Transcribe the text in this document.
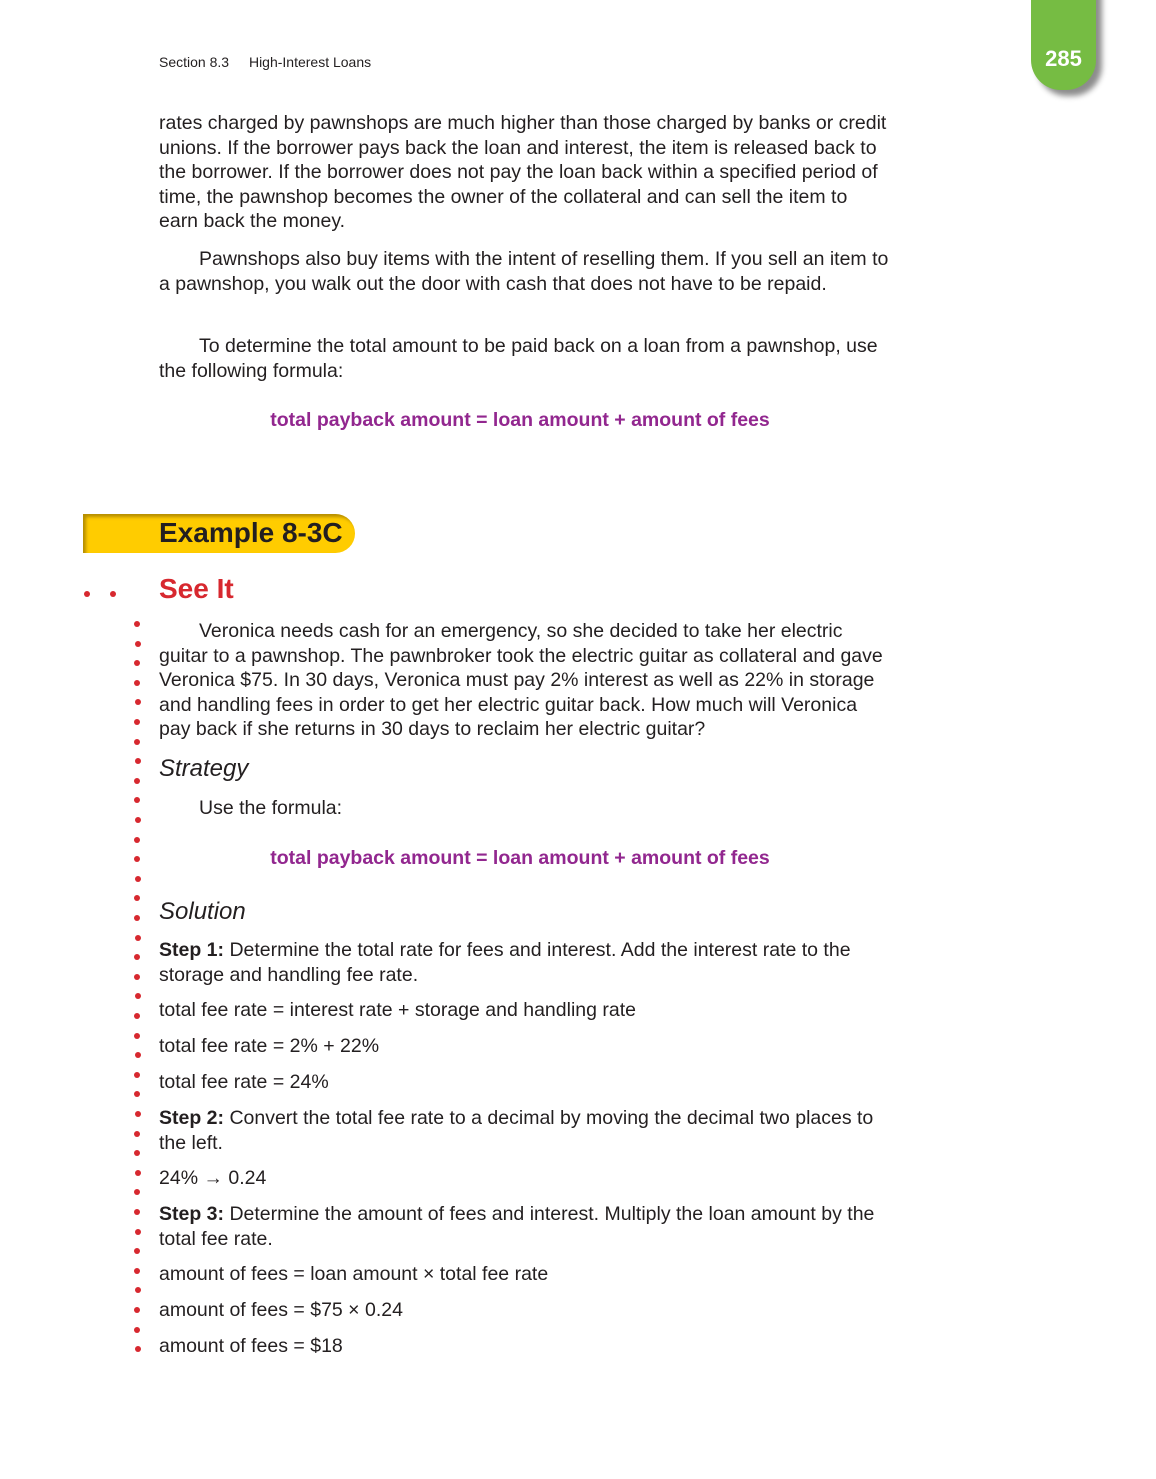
Section 8.3 High-Interest Loans	285

rates charged by pawnshops are much higher than those charged by banks or credit unions. If the borrower pays back the loan and interest, the item is released back to the borrower. If the borrower does not pay the loan back within a specified period of time, the pawnshop becomes the owner of the collateral and can sell the item to earn back the money.

Pawnshops also buy items with the intent of reselling them. If you sell an item to a pawnshop, you walk out the door with cash that does not have to be repaid.

To determine the total amount to be paid back on a loan from a pawnshop, use the following formula:

total payback amount = loan amount + amount of fees
Example 8-3C
See It

Veronica needs cash for an emergency, so she decided to take her electric guitar to a pawnshop. The pawnbroker took the electric guitar as collateral and gave Veronica $75. In 30 days, Veronica must pay 2% interest as well as 22% in storage and handling fees in order to get her electric guitar back. How much will Veronica pay back if she returns in 30 days to reclaim her electric guitar?

Strategy
Use the formula:
total payback amount = loan amount + amount of fees
Solution
Step 1: Determine the total rate for fees and interest. Add the interest rate to the storage and handling fee rate.
total fee rate = interest rate + storage and handling rate
total fee rate = 2% + 22%
total fee rate = 24%
Step 2: Convert the total fee rate to a decimal by moving the decimal two places to the left.
24% → 0.24
Step 3: Determine the amount of fees and interest. Multiply the loan amount by the total fee rate.
amount of fees = loan amount × total fee rate
amount of fees = $75 × 0.24
amount of fees = $18
